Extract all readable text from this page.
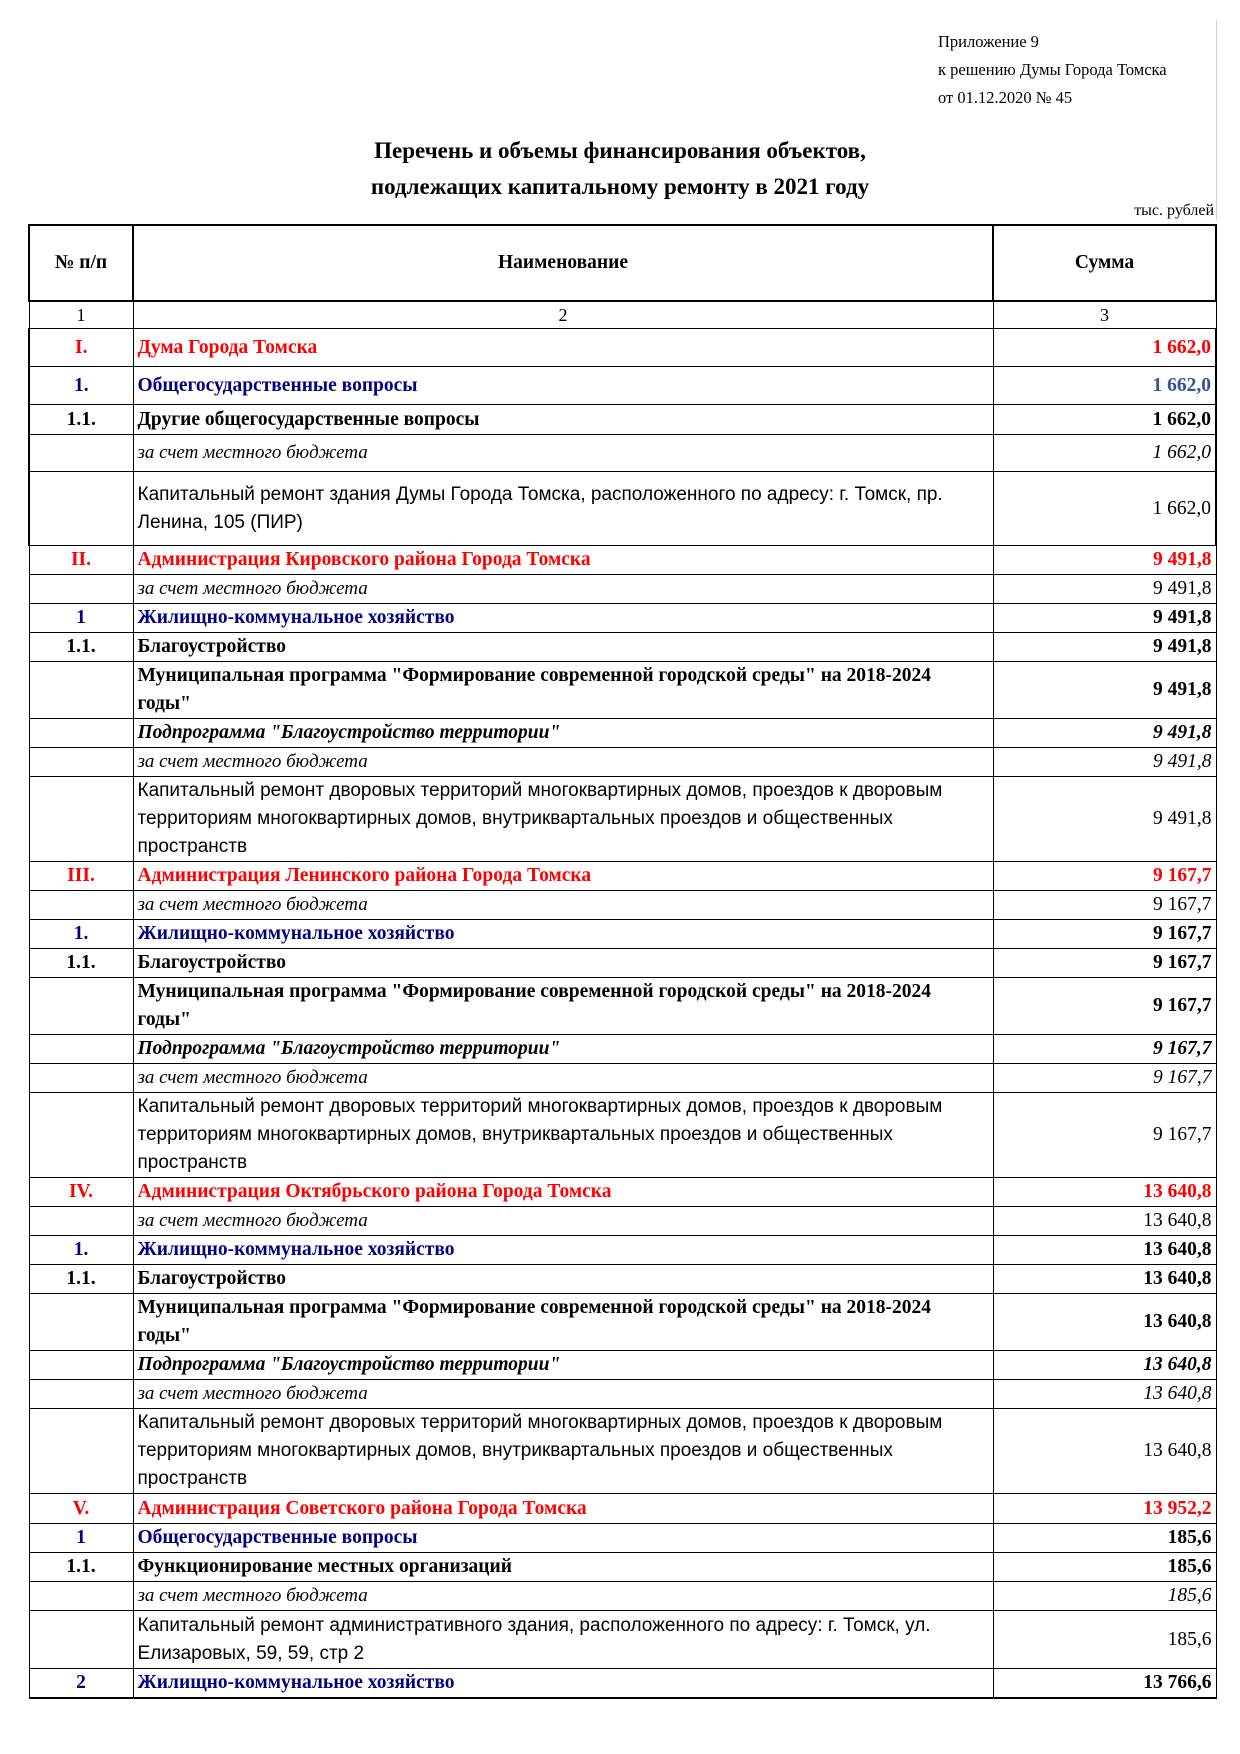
Приложение 9
к решению Думы Города Томска
от 01.12.2020 № 45
Перечень и объемы финансирования объектов,
подлежащих капитальному ремонту в 2021 году
тыс. рублей
№ п/п	Наименование	Сумма
1	2	3
I.	Дума Города Томска	1 662,0
1.	Общегосударственные вопросы	1 662,0
1.1.	Другие общегосударственные вопросы	1 662,0
	за счет местного бюджета	1 662,0
	Капитальный ремонт здания Думы Города Томска, расположенного по адресу: г. Томск, пр. Ленина, 105 (ПИР)	1 662,0
II.	Администрация Кировского района Города Томска	9 491,8
	за счет местного бюджета	9 491,8
1	Жилищно-коммунальное хозяйство	9 491,8
1.1.	Благоустройство	9 491,8
	Муниципальная программа "Формирование современной городской среды" на 2018-2024 годы"	9 491,8
	Подпрограмма "Благоустройство территории"	9 491,8
	за счет местного бюджета	9 491,8
	Капитальный ремонт дворовых территорий многоквартирных домов, проездов к дворовым территориям многоквартирных домов, внутриквартальных проездов и общественных пространств	9 491,8
III.	Администрация Ленинского района Города Томска	9 167,7
	за счет местного бюджета	9 167,7
1.	Жилищно-коммунальное хозяйство	9 167,7
1.1.	Благоустройство	9 167,7
	Муниципальная программа "Формирование современной городской среды" на 2018-2024 годы"	9 167,7
	Подпрограмма "Благоустройство территории"	9 167,7
	за счет местного бюджета	9 167,7
	Капитальный ремонт дворовых территорий многоквартирных домов, проездов к дворовым территориям многоквартирных домов, внутриквартальных проездов и общественных пространств	9 167,7
IV.	Администрация Октябрьского района Города Томска	13 640,8
	за счет местного бюджета	13 640,8
1.	Жилищно-коммунальное хозяйство	13 640,8
1.1.	Благоустройство	13 640,8
	Муниципальная программа "Формирование современной городской среды" на 2018-2024 годы"	13 640,8
	Подпрограмма "Благоустройство территории"	13 640,8
	за счет местного бюджета	13 640,8
	Капитальный ремонт дворовых территорий многоквартирных домов, проездов к дворовым территориям многоквартирных домов, внутриквартальных проездов и общественных пространств	13 640,8
V.	Администрация Советского района Города Томска	13 952,2
1	Общегосударственные вопросы	185,6
1.1.	Функционирование местных организаций	185,6
	за счет местного бюджета	185,6
	Капитальный ремонт административного здания, расположенного по адресу: г. Томск, ул. Елизаровых, 59, 59, стр 2	185,6
2	Жилищно-коммунальное хозяйство	13 766,6
